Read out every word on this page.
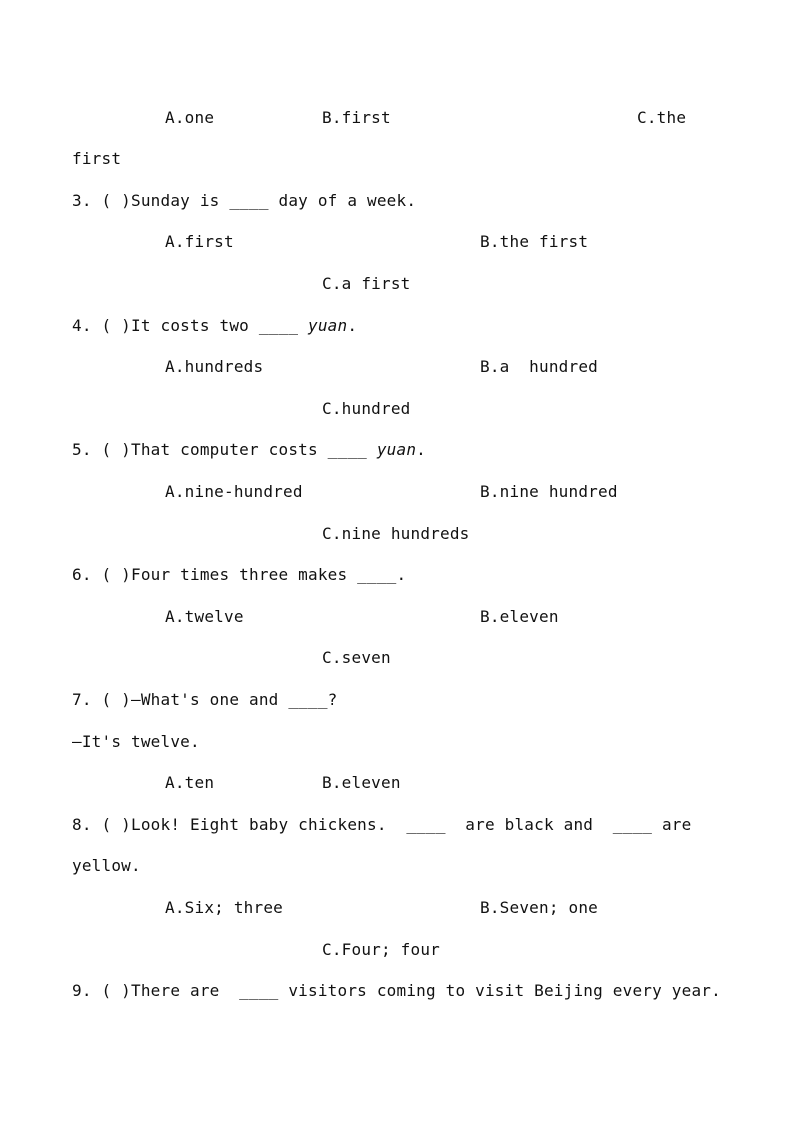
A.one	B.first	C.the
first
3. ( )Sunday is ____ day of a week.
A.first	B.the first
C.a first
4. ( )It costs two ____ yuan.
A.hundreds	B.a  hundred
C.hundred
5. ( )That computer costs ____ yuan.
A.nine-hundred	B.nine hundred
C.nine hundreds
6. ( )Four times three makes ____.
A.twelve	B.eleven
C.seven
7. ( )—What's one and ____?
—It's twelve.
A.ten	B.eleven
8. ( )Look! Eight baby chickens.  ____  are black and  ____ are
yellow.
A.Six; three	B.Seven; one
C.Four; four
9. ( )There are  ____ visitors coming to visit Beijing every year.
